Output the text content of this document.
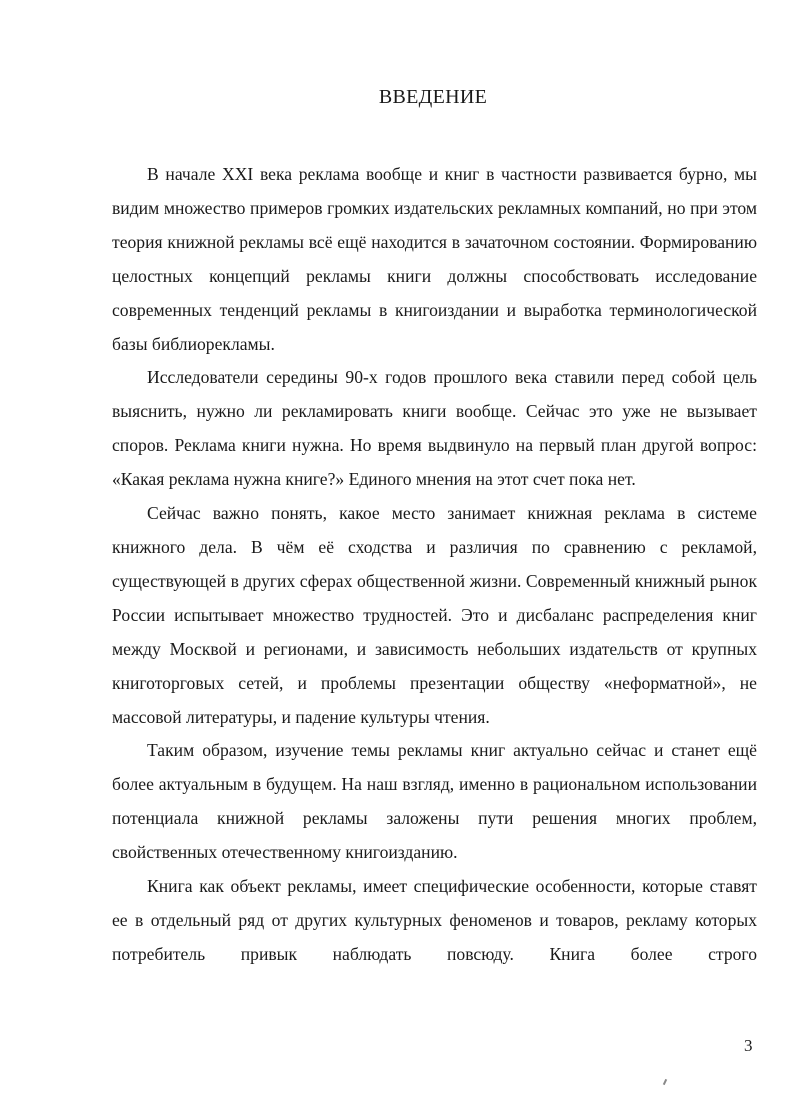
ВВЕДЕНИЕ

В начале XXI века реклама вообще и книг в частности развивается бурно, мы видим множество примеров громких издательских рекламных компаний, но при этом теория книжной рекламы всё ещё находится в зачаточном состоянии. Формированию целостных концепций рекламы книги должны способствовать исследование современных тенденций рекламы в книгоиздании и выработка терминологической базы библиорекламы.

Исследователи середины 90-х годов прошлого века ставили перед собой цель выяснить, нужно ли рекламировать книги вообще. Сейчас это уже не вызывает споров. Реклама книги нужна. Но время выдвинуло на первый план другой вопрос: «Какая реклама нужна книге?» Единого мнения на этот счет пока нет.

Сейчас важно понять, какое место занимает книжная реклама в системе книжного дела. В чём её сходства и различия по сравнению с рекламой, существующей в других сферах общественной жизни. Современный книжный рынок России испытывает множество трудностей. Это и дисбаланс распределения книг между Москвой и регионами, и зависимость небольших издательств от крупных книготорговых сетей, и проблемы презентации обществу «неформатной», не массовой литературы, и падение культуры чтения.

Таким образом, изучение темы рекламы книг актуально сейчас и станет ещё более актуальным в будущем. На наш взгляд, именно в рациональном использовании потенциала книжной рекламы заложены пути решения многих проблем, свойственных отечественному книгоизданию.

Книга как объект рекламы, имеет специфические особенности, которые ставят ее в отдельный ряд от других культурных феноменов и товаров, рекламу которых потребитель привык наблюдать повсюду. Книга более строго

3
